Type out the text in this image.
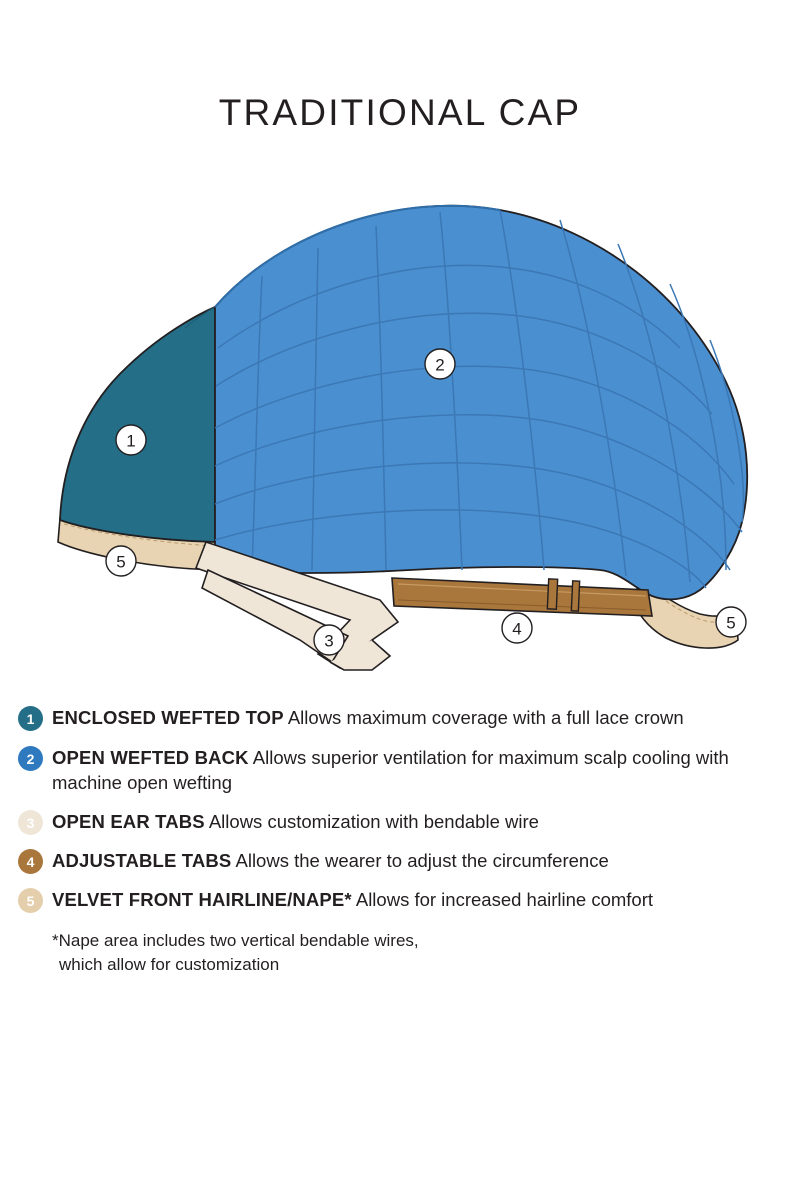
TRADITIONAL CAP
1
2
3
4
5
5
1 ENCLOSED WEFTED TOP Allows maximum coverage with a full lace crown
2 OPEN WEFTED BACK Allows superior ventilation for maximum scalp cooling with machine open wefting
3 OPEN EAR TABS Allows customization with bendable wire
4 ADJUSTABLE TABS Allows the wearer to adjust the circumference
5 VELVET FRONT HAIRLINE/NAPE* Allows for increased hairline comfort
*Nape area includes two vertical bendable wires,
which allow for customization
